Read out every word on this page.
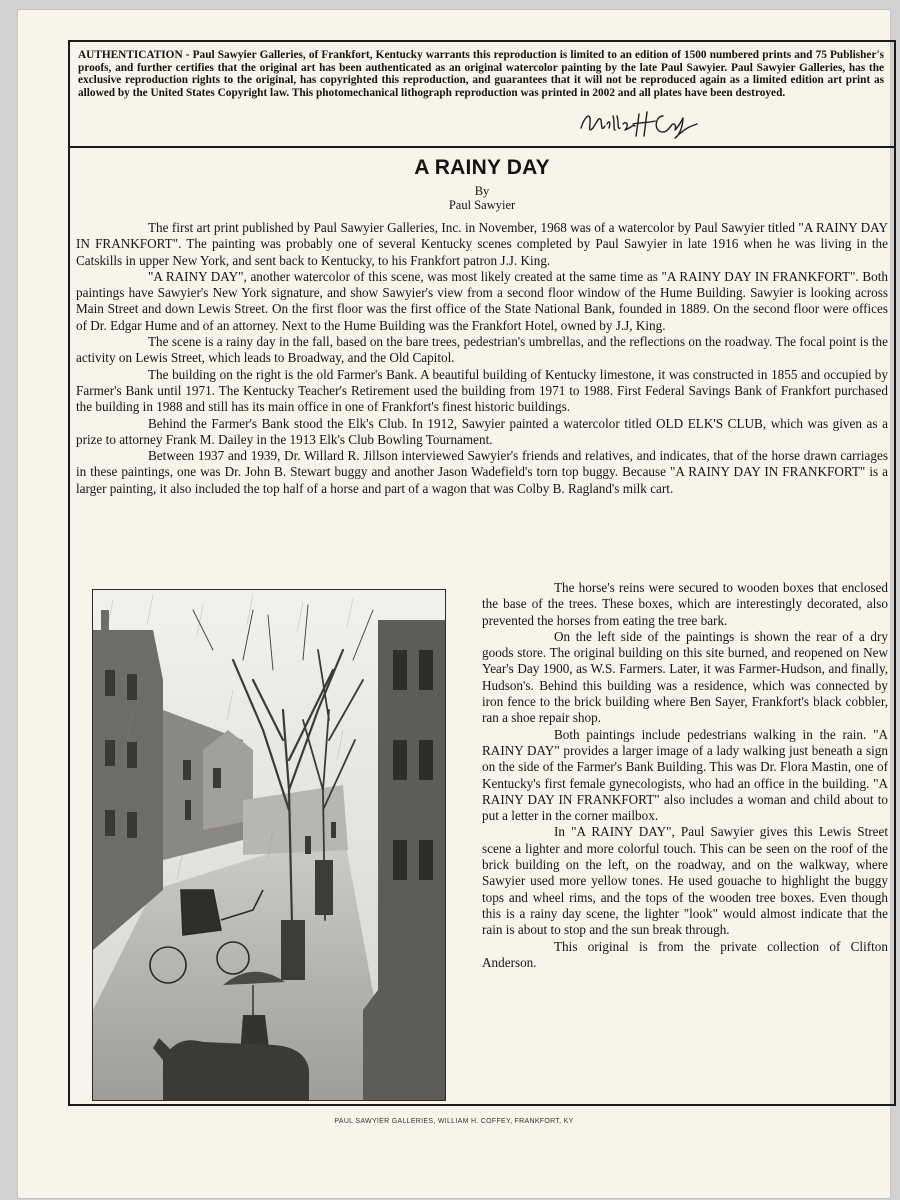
AUTHENTICATION - Paul Sawyier Galleries, of Frankfort, Kentucky warrants this reproduction is limited to an edition of 1500 numbered prints and 75 Publisher's proofs, and further certifies that the original art has been authenticated as an original watercolor painting by the late Paul Sawyier. Paul Sawyier Galleries, has the exclusive reproduction rights to the original, has copyrighted this reproduction, and guarantees that it will not be reproduced again as a limited edition art print as allowed by the United States Copyright law. This photomechanical lithograph reproduction was printed in 2002 and all plates have been destroyed.
A RAINY DAY
By
Paul Sawyier

The first art print published by Paul Sawyier Galleries, Inc. in November, 1968 was of a watercolor by Paul Sawyier titled "A RAINY DAY IN FRANKFORT". The painting was probably one of several Kentucky scenes completed by Paul Sawyier in late 1916 when he was living in the Catskills in upper New York, and sent back to Kentucky, to his Frankfort patron J.J. King.

"A RAINY DAY", another watercolor of this scene, was most likely created at the same time as "A RAINY DAY IN FRANKFORT". Both paintings have Sawyier's New York signature, and show Sawyier's view from a second floor window of the Hume Building. Sawyier is looking across Main Street and down Lewis Street. On the first floor was the first office of the State National Bank, founded in 1889. On the second floor were offices of Dr. Edgar Hume and of an attorney. Next to the Hume Building was the Frankfort Hotel, owned by J.J, King.

The scene is a rainy day in the fall, based on the bare trees, pedestrian's umbrellas, and the reflections on the roadway. The focal point is the activity on Lewis Street, which leads to Broadway, and the Old Capitol.

The building on the right is the old Farmer's Bank. A beautiful building of Kentucky limestone, it was constructed in 1855 and occupied by Farmer's Bank until 1971. The Kentucky Teacher's Retirement used the building from 1971 to 1988. First Federal Savings Bank of Frankfort purchased the building in 1988 and still has its main office in one of Frankfort's finest historic buildings.

Behind the Farmer's Bank stood the Elk's Club. In 1912, Sawyier painted a watercolor titled OLD ELK'S CLUB, which was given as a prize to attorney Frank M. Dailey in the 1913 Elk's Club Bowling Tournament.

Between 1937 and 1939, Dr. Willard R. Jillson interviewed Sawyier's friends and relatives, and indicates, that of the horse drawn carriages in these paintings, one was Dr. John B. Stewart buggy and another Jason Wadefield's torn top buggy. Because "A RAINY DAY IN FRANKFORT" is a larger painting, it also included the top half of a horse and part of a wagon that was Colby B. Ragland's milk cart.

The horse's reins were secured to wooden boxes that enclosed the base of the trees. These boxes, which are interestingly decorated, also prevented the horses from eating the tree bark.

On the left side of the paintings is shown the rear of a dry goods store. The original building on this site burned, and reopened on New Year's Day 1900, as W.S. Farmers. Later, it was Farmer-Hudson, and finally, Hudson's. Behind this building was a residence, which was connected by iron fence to the brick building where Ben Sayer, Frankfort's black cobbler, ran a shoe repair shop.

Both paintings include pedestrians walking in the rain. "A RAINY DAY" provides a larger image of a lady walking just beneath a sign on the side of the Farmer's Bank Building. This was Dr. Flora Mastin, one of Kentucky's first female gynecologists, who had an office in the building. "A RAINY DAY IN FRANKFORT" also includes a woman and child about to put a letter in the corner mailbox.

In "A RAINY DAY", Paul Sawyier gives this Lewis Street scene a lighter and more colorful touch. This can be seen on the roof of the brick building on the left, on the roadway, and on the walkway, where Sawyier used more yellow tones. He used gouache to highlight the buggy tops and wheel rims, and the tops of the wooden tree boxes. Even though this is a rainy day scene, the lighter "look" would almost indicate that the rain is about to stop and the sun break through.

This original is from the private collection of Clifton Anderson.

PAUL SAWYIER GALLERIES, WILLIAM H. COFFEY, FRANKFORT, KY
